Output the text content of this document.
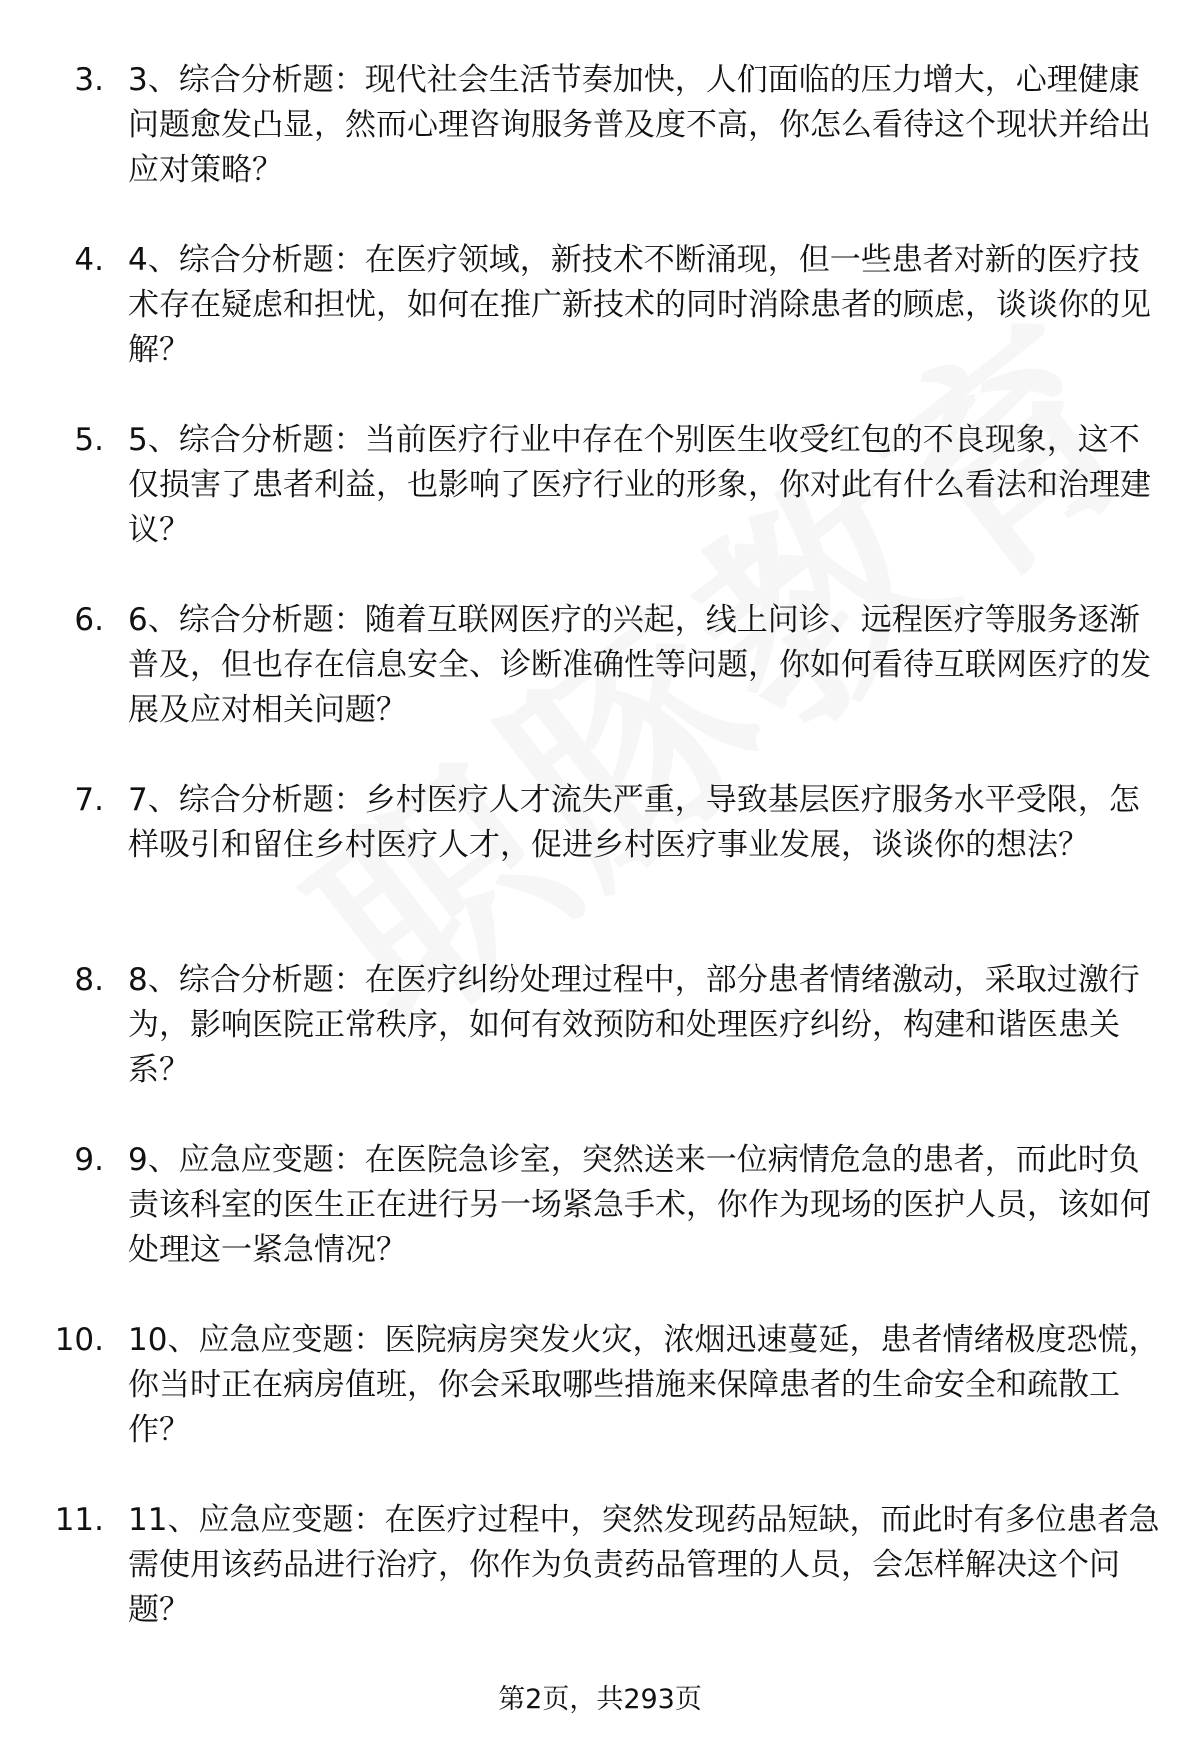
3. 3、综合分析题：现代社会生活节奏加快，人们面临的压力增大，心理健康问题愈发凸显，然而心理咨询服务普及度不高，你怎么看待这个现状并给出应对策略？
4. 4、综合分析题：在医疗领域，新技术不断涌现，但一些患者对新的医疗技术存在疑虑和担忧，如何在推广新技术的同时消除患者的顾虑，谈谈你的见解？
5. 5、综合分析题：当前医疗行业中存在个别医生收受红包的不良现象，这不仅损害了患者利益，也影响了医疗行业的形象，你对此有什么看法和治理建议？
6. 6、综合分析题：随着互联网医疗的兴起，线上问诊、远程医疗等服务逐渐普及，但也存在信息安全、诊断准确性等问题，你如何看待互联网医疗的发展及应对相关问题？
7. 7、综合分析题：乡村医疗人才流失严重，导致基层医疗服务水平受限，怎样吸引和留住乡村医疗人才，促进乡村医疗事业发展，谈谈你的想法？
8. 8、综合分析题：在医疗纠纷处理过程中，部分患者情绪激动，采取过激行为，影响医院正常秩序，如何有效预防和处理医疗纠纷，构建和谐医患关系？
9. 9、应急应变题：在医院急诊室，突然送来一位病情危急的患者，而此时负责该科室的医生正在进行另一场紧急手术，你作为现场的医护人员，该如何处理这一紧急情况？
10. 10、应急应变题：医院病房突发火灾，浓烟迅速蔓延，患者情绪极度恐慌，你当时正在病房值班，你会采取哪些措施来保障患者的生命安全和疏散工作？
11. 11、应急应变题：在医疗过程中，突然发现药品短缺，而此时有多位患者急需使用该药品进行治疗，你作为负责药品管理的人员，会怎样解决这个问题？
第2页，共293页
